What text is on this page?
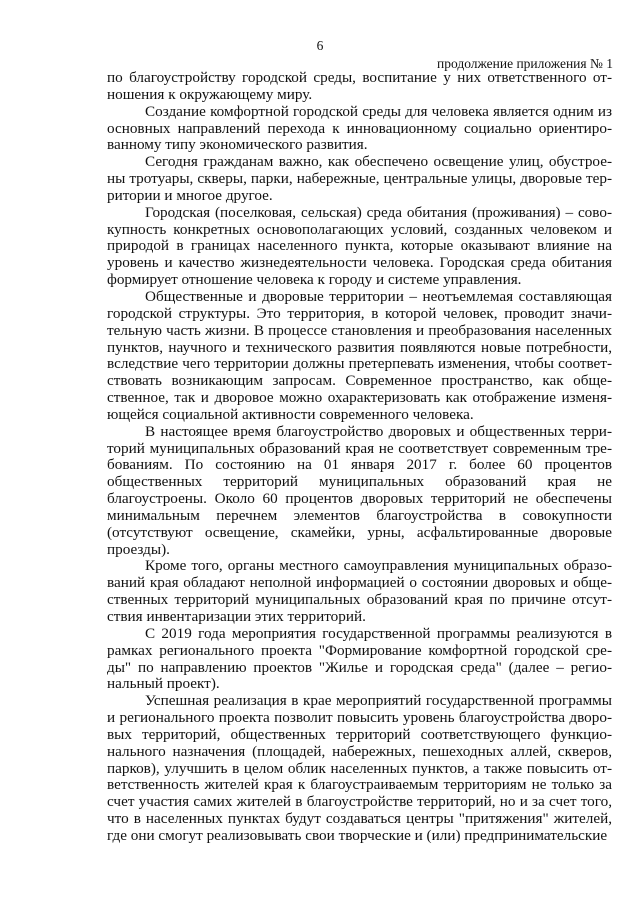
6
продолжение приложения № 1

по благоустройству городской среды, воспитание у них ответственного отношения к окружающему миру.

Создание комфортной городской среды для человека является одним из основных направлений перехода к инновационному социально ориентированному типу экономического развития.

Сегодня гражданам важно, как обеспечено освещение улиц, обустроены тротуары, скверы, парки, набережные, центральные улицы, дворовые территории и многое другое.

Городская (поселковая, сельская) среда обитания (проживания) – совокупность конкретных основополагающих условий, созданных человеком и природой в границах населенного пункта, которые оказывают влияние на уровень и качество жизнедеятельности человека. Городская среда обитания формирует отношение человека к городу и системе управления.

Общественные и дворовые территории – неотъемлемая составляющая городской структуры. Это территория, в которой человек, проводит значительную часть жизни. В процессе становления и преобразования населенных пунктов, научного и технического развития появляются новые потребности, вследствие чего территории должны претерпевать изменения, чтобы соответствовать возникающим запросам. Современное пространство, как общественное, так и дворовое можно охарактеризовать как отображение изменяющейся социальной активности современного человека.

В настоящее время благоустройство дворовых и общественных территорий муниципальных образований края не соответствует современным требованиям. По состоянию на 01 января 2017 г. более 60 процентов общественных территорий муниципальных образований края не благоустроены. Около 60 процентов дворовых территорий не обеспечены минимальным перечнем элементов благоустройства в совокупности (отсутствуют освещение, скамейки, урны, асфальтированные дворовые проезды).

Кроме того, органы местного самоуправления муниципальных образований края обладают неполной информацией о состоянии дворовых и общественных территорий муниципальных образований края по причине отсутствия инвентаризации этих территорий.

С 2019 года мероприятия государственной программы реализуются в рамках регионального проекта "Формирование комфортной городской среды" по направлению проектов "Жилье и городская среда" (далее – региональный проект).

Успешная реализация в крае мероприятий государственной программы и регионального проекта позволит повысить уровень благоустройства дворовых территорий, общественных территорий соответствующего функционального назначения (площадей, набережных, пешеходных аллей, скверов, парков), улучшить в целом облик населенных пунктов, а также повысить ответственность жителей края к благоустраиваемым территориям не только за счет участия самих жителей в благоустройстве территорий, но и за счет того, что в населенных пунктах будут создаваться центры "притяжения" жителей, где они смогут реализовывать свои творческие и (или) предпринимательские
